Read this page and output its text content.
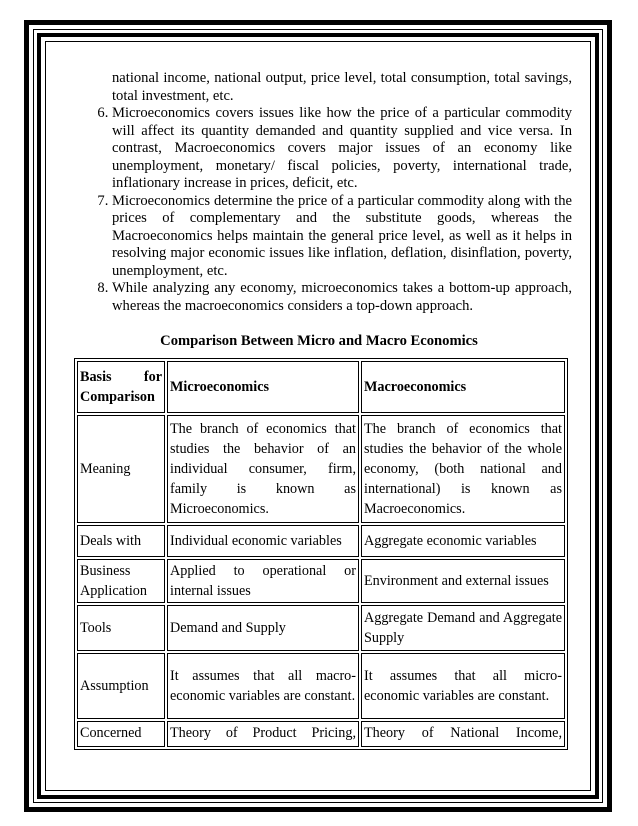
national income, national output, price level, total consumption, total savings, total investment, etc.

6. Microeconomics covers issues like how the price of a particular commodity will affect its quantity demanded and quantity supplied and vice versa. In contrast, Macroeconomics covers major issues of an economy like unemployment, monetary/ fiscal policies, poverty, international trade, inflationary increase in prices, deficit, etc.
7. Microeconomics determine the price of a particular commodity along with the prices of complementary and the substitute goods, whereas the Macroeconomics helps maintain the general price level, as well as it helps in resolving major economic issues like inflation, deflation, disinflation, poverty, unemployment, etc.
8. While analyzing any economy, microeconomics takes a bottom-up approach, whereas the macroeconomics considers a top-down approach.
Comparison Between Micro and Macro Economics
Basis for Comparison	Microeconomics	Macroeconomics
Meaning	The branch of economics that studies the behavior of an individual consumer, firm, family is known as Microeconomics.	The branch of economics that studies the behavior of the whole economy, (both national and international) is known as Macroeconomics.
Deals with	Individual economic variables	Aggregate economic variables
Business Application	Applied to operational or internal issues	Environment and external issues
Tools	Demand and Supply	Aggregate Demand and Aggregate Supply
Assumption	It assumes that all macro-economic variables are constant.	It assumes that all micro-economic variables are constant.
Concerned	Theory of Product Pricing,	Theory of National Income,
